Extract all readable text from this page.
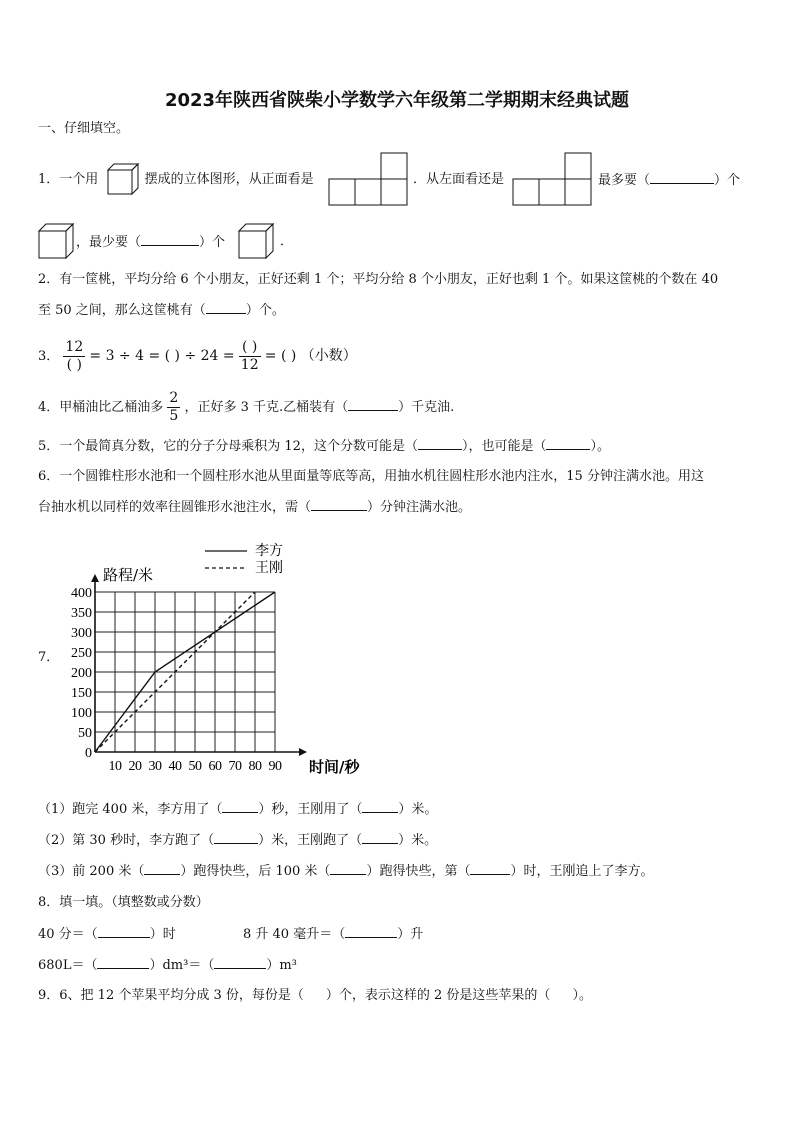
2023年陕西省陕柴小学数学六年级第二学期期末经典试题
一、仔细填空。
1．一个用	摆成的立体图形，从正面看是	．从左面看还是	最多要（	）个
，最少要（	）个	．
2．有一筐桃，平均分给 6 个小朋友，正好还剩 1 个；平均分给 8 个小朋友，正好也剩 1 个。如果这筐桃的个数在 40
至 50 之间，那么这筐桃有（	）个。
3． $\frac{12}{( )} = 3 \div 4$ = ( ) ÷ $24 = \frac{( )}{12}$ = ( ) （小数）
4．甲桶油比乙桶油多 $\frac{2}{5}$ ，正好多 3 千克.乙桶装有（	）千克油.
5．一个最简真分数，它的分子分母乘积为 12，这个分数可能是（	），也可能是（	）。
6．一个圆锥柱形水池和一个圆柱形水池从里面量等底等高，用抽水机往圆柱形水池内注水，15 分钟注满水池。用这
台抽水机以同样的效率往圆锥形水池注水，需（	）分钟注满水池。
7．
0
50
100
150
200
250
300
350
400
10 20 30 40 50 60 70 80 90
路程/米
时间/秒
李方
王刚
（1）跑完 400 米，李方用了（	）秒，王刚用了（	）米。
（2）第 30 秒时，李方跑了（	）米，王刚跑了（	）米。
（3）前 200 米（	）跑得快些，后 100 米（	）跑得快些，第（	）时，王刚追上了李方。
8．填一填。（填整数或分数）
40 分＝（	）时	8 升 40 毫升＝（	）升
680L＝（	）dm³＝（	）m³
9．6、把 12 个苹果平均分成 3 份，每份是（ ）个，表示这样的 2 份是这些苹果的（ ）。
